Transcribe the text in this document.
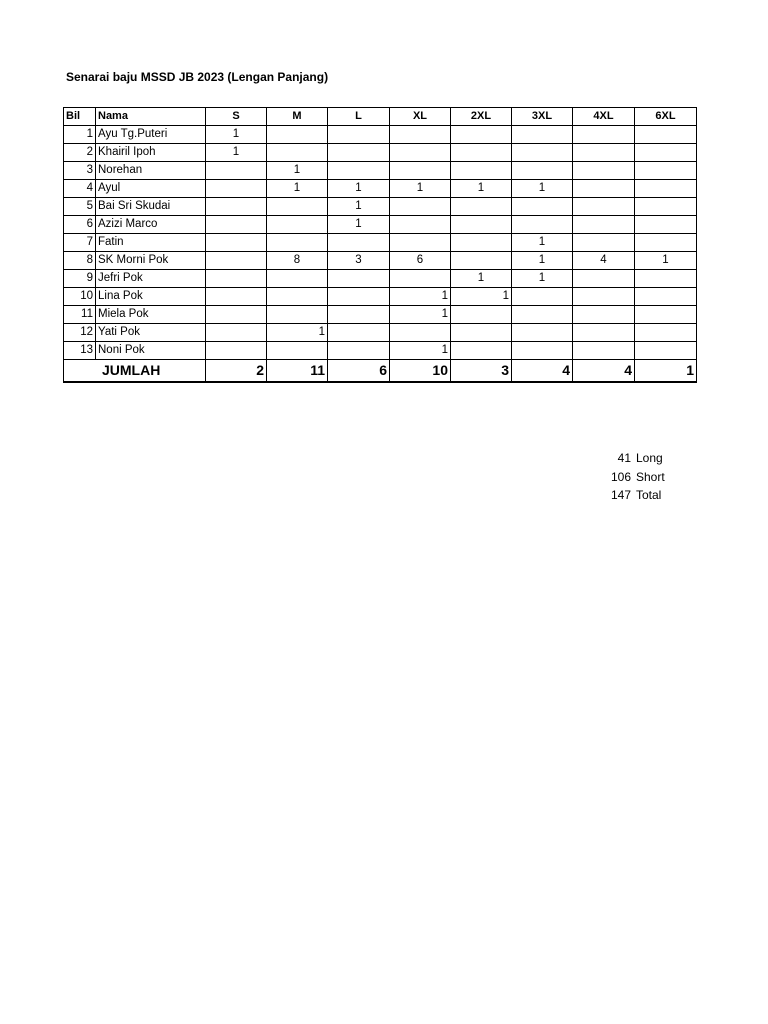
Senarai baju MSSD JB 2023 (Lengan Panjang)
Bil	Nama	S	M	L	XL	2XL	3XL	4XL	6XL
1	Ayu Tg.Puteri	1							
2	Khairil Ipoh	1							
3	Norehan		1						
4	Ayul		1	1	1	1	1		
5	Bai Sri Skudai			1					
6	Azizi Marco			1					
7	Fatin						1		
8	SK Morni Pok		8	3	6		1	4	1
9	Jefri Pok					1	1		
10	Lina Pok				1	1			
11	Miela Pok				1				
12	Yati Pok		1						
13	Noni Pok				1				
JUMLAH		2	11	6	10	3	4	4	1
41 Long
106 Short
147 Total
